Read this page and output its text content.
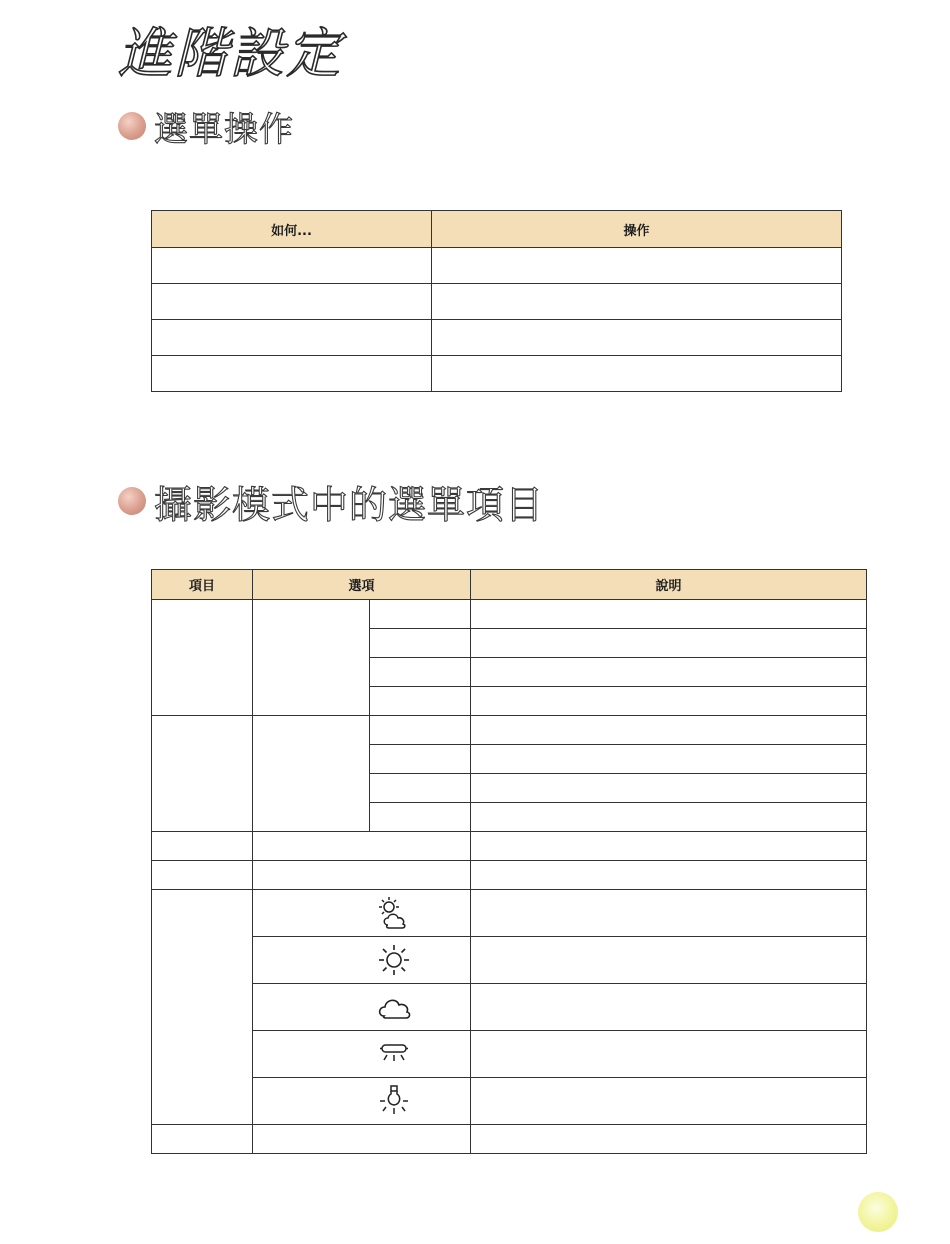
進階設定
選單操作
如何...	操作

攝影模式中的選單項目
項目	選項		說明
